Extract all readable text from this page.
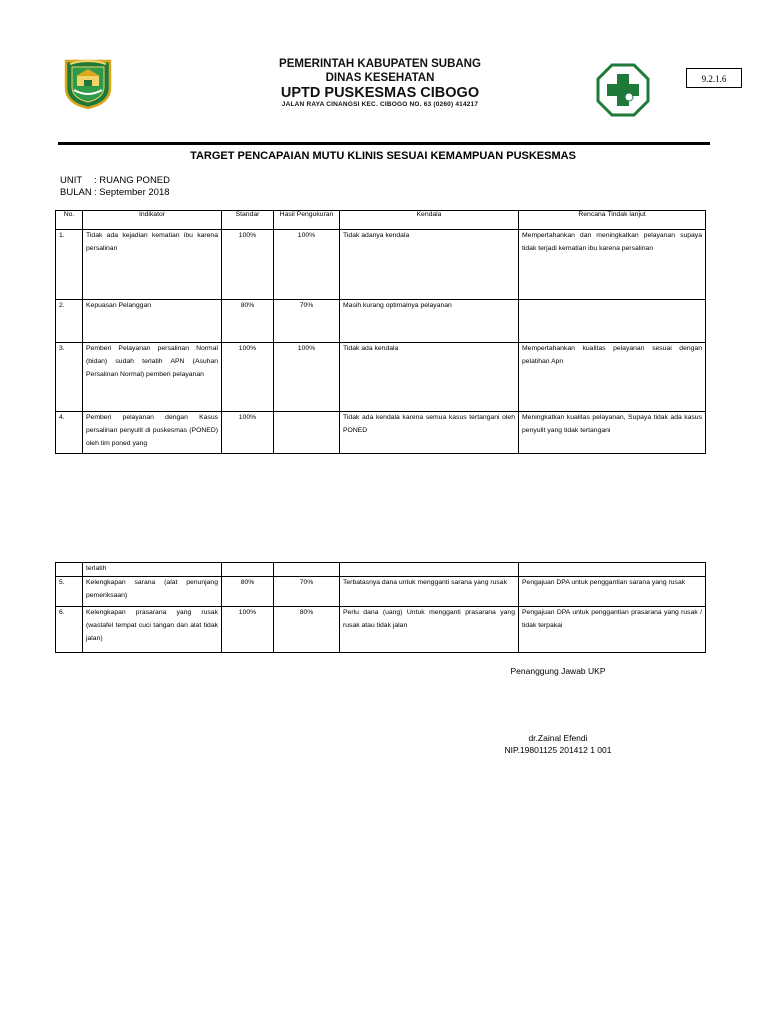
PEMERINTAH KABUPATEN SUBANG
DINAS KESEHATAN
UPTD PUSKESMAS CIBOGO
JALAN RAYA CINANGSI KEC. CIBOGO NO. 63 (0260) 414217
9.2.1.6
TARGET PENCAPAIAN MUTU KLINIS SESUAI KEMAMPUAN PUSKESMAS
UNIT : RUANG PONED
BULAN : September 2018
No.	Indikator	Standar	Hasil Pengukuran	Kendala	Rencana Tindak lanjut
1.	Tidak ada kejadian kematian ibu karena persalinan	100%	100%	Tidak adanya kendala	Mempertahankan dan meningkatkan pelayanan supaya tidak terjadi kematian ibu karena persalinan
2.	Kepuasan Pelanggan	80%	70%	Masih kurang optimalnya pelayanan	
3.	Pemberi Pelayanan persalinan Normal (bidan) sudah terlatih APN (Asuhan Persalinan Normal) pemberi pelayanan	100%	100%	Tidak ada kendala	Mempertahankan kualitas pelayanan sesuai dengan pelatihan Apn
4.	Pemberi pelayanan dengan Kasus persalinan penyulit di puskesmas (PONED) oleh tim poned yang	100%		Tidak ada kendala karena semua kasus tertangani oleh PONED	Meningkatkan kualitas pelayanan, Supaya tidak ada kasus penyulit yang tidak tertangani
	terlatih				
5.	Kelengkapan sarana (alat penunjang pemeriksaan)	80%	70%	Terbatasnya dana untuk mengganti sarana yang rusak	Pengajuan DPA untuk penggantian sarana yang rusak
6.	Kelengkapan prasarana yang rusak (wastafel tempat cuci tangan dan alat tidak jalan)	100%	80%	Perlu dana (uang) Untuk mengganti prasarana yang rusak atau tidak jalan	Pengajuan DPA untuk penggantian prasarana yang rusak / tidak terpakai
Penanggung Jawab UKP
dr.Zainal Efendi
NIP.19801125 201412 1 001
